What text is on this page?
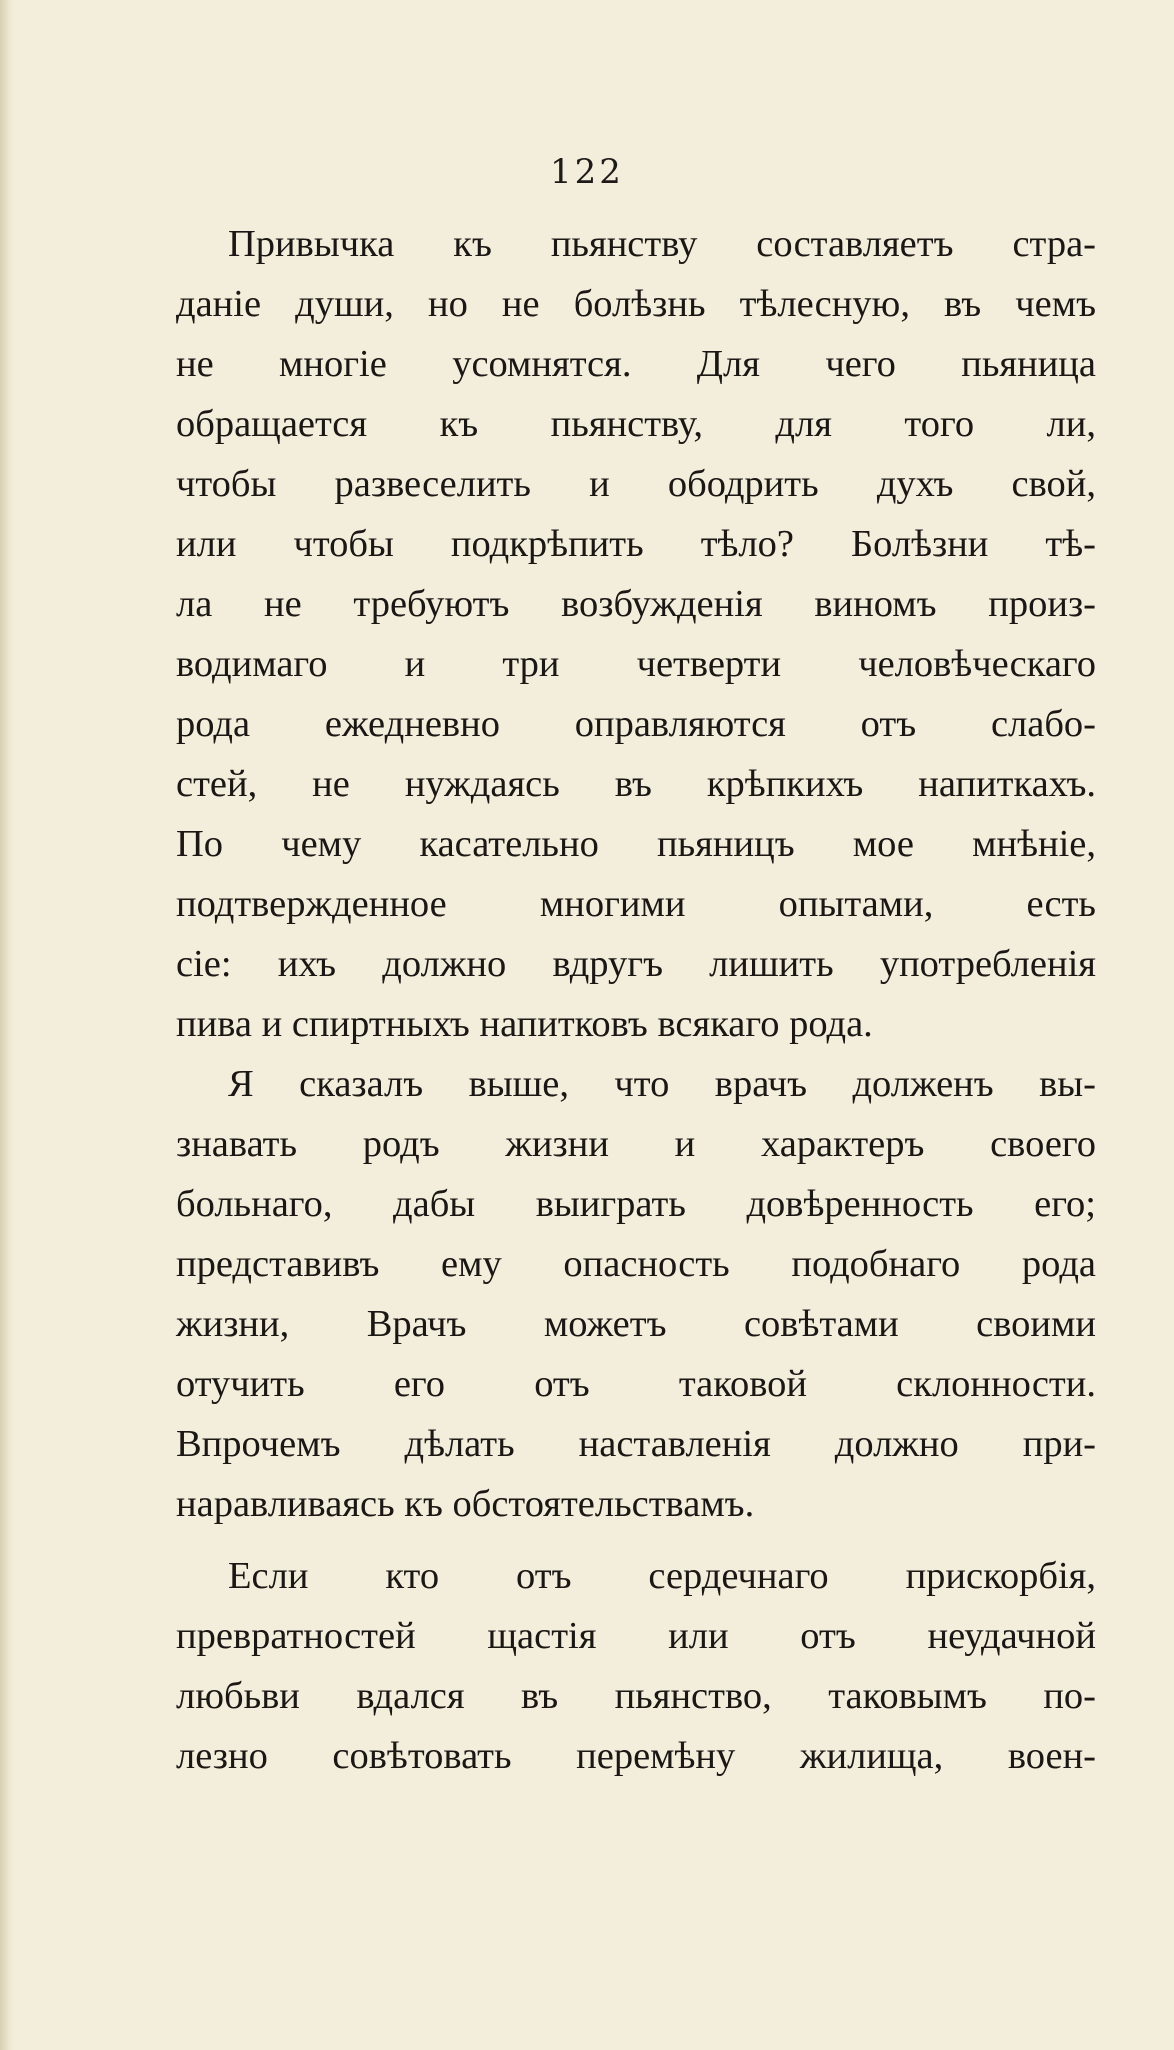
122
Привычка къ пьянству составляетъ стра-
даніе души, но не болѣзнь тѣлесную, въ чемъ
не многіе усомнятся. Для чего пьяница
обращается къ пьянству, для того ли,
чтобы развеселить и ободрить духъ свой,
или чтобы подкрѣпить тѣло? Болѣзни тѣ-
ла не требуютъ возбужденія виномъ произ-
водимаго и три четверти человѣческаго
рода ежедневно оправляются отъ слабо-
стей, не нуждаясь въ крѣпкихъ напиткахъ.
По чему касательно пьяницъ мое мнѣніе,
подтвержденное многими опытами, есть
сіе: ихъ должно вдругъ лишить употребленія
пива и спиртныхъ напитковъ всякаго рода.
Я сказалъ выше, что врачъ долженъ вы-
знавать родъ жизни и характеръ своего
больнаго, дабы выиграть довѣренность его;
представивъ ему опасность подобнаго рода
жизни, Врачъ можетъ совѣтами своими
отучить его отъ таковой склонности.
Впрочемъ дѣлать наставленія должно при-
наравливаясь къ обстоятельствамъ.
Если кто отъ сердечнаго прискорбія,
превратностей щастія или отъ неудачной
любьви вдался въ пьянство, таковымъ по-
лезно совѣтовать перемѣну жилища, воен-
